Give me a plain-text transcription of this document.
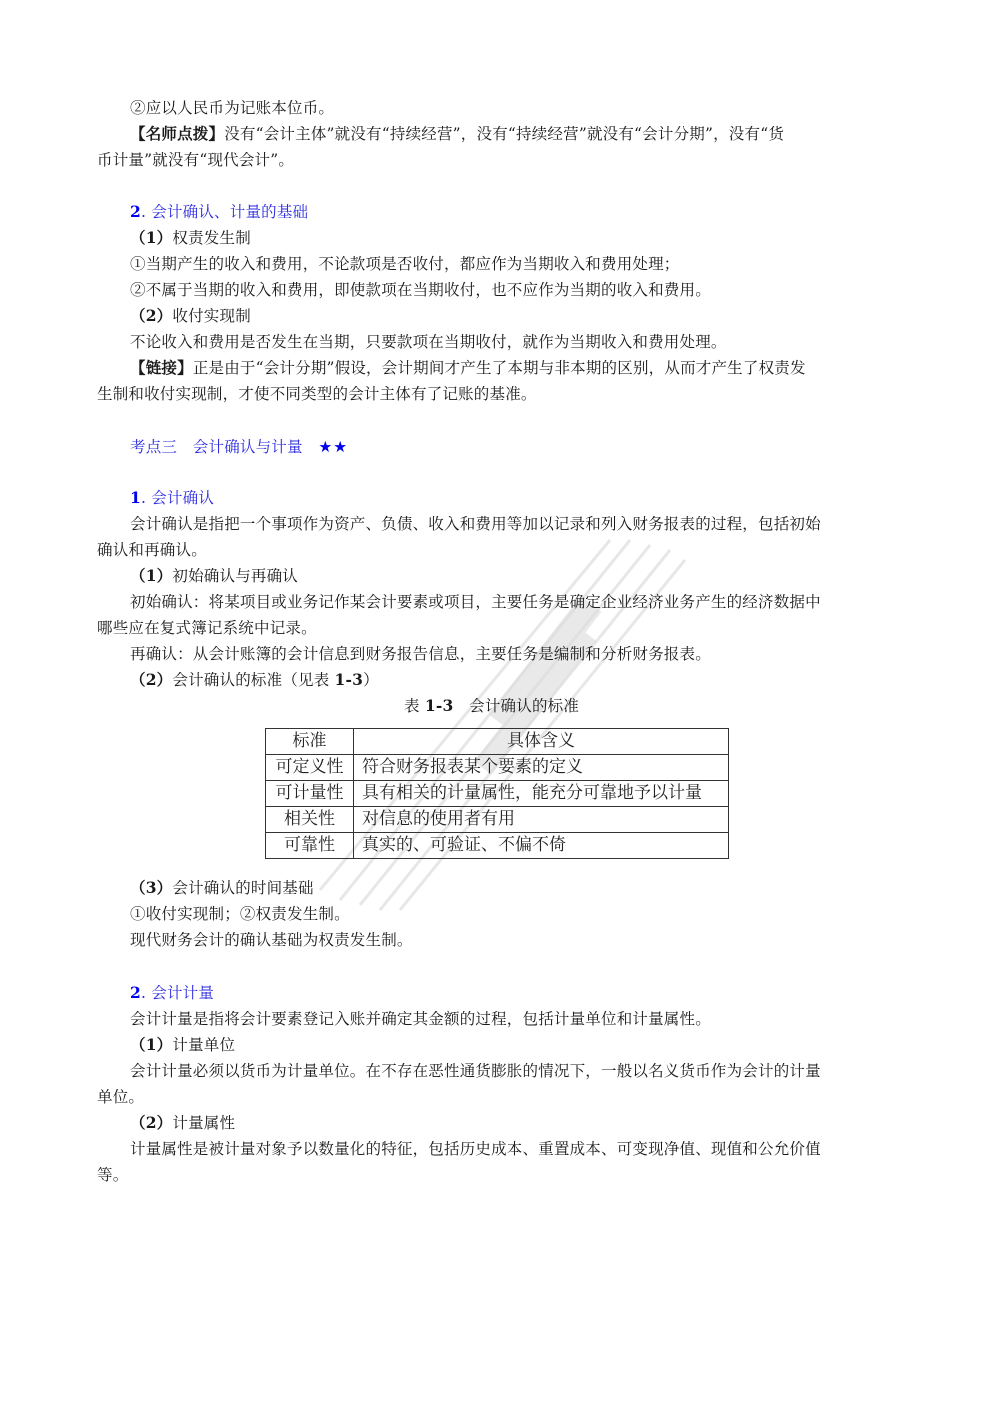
②应以人民币为记账本位币。
【名师点拨】没有“会计主体”就没有“持续经营”，没有“持续经营”就没有“会计分期”，没有“货
币计量”就没有“现代会计”。
2. 会计确认、计量的基础
（1）权责发生制
①当期产生的收入和费用，不论款项是否收付，都应作为当期收入和费用处理；
②不属于当期的收入和费用，即使款项在当期收付，也不应作为当期的收入和费用。
（2）收付实现制
不论收入和费用是否发生在当期，只要款项在当期收付，就作为当期收入和费用处理。
【链接】正是由于“会计分期”假设，会计期间才产生了本期与非本期的区别，从而才产生了权责发
生制和收付实现制，才使不同类型的会计主体有了记账的基准。
考点三　会计确认与计量　 ★★
1. 会计确认
会计确认是指把一个事项作为资产、负债、收入和费用等加以记录和列入财务报表的过程，包括初始
确认和再确认。
（1）初始确认与再确认
初始确认：将某项目或业务记作某会计要素或项目，主要任务是确定企业经济业务产生的经济数据中
哪些应在复式簿记系统中记录。
再确认：从会计账簿的会计信息到财务报告信息，主要任务是编制和分析财务报表。
（2）会计确认的标准（见表 1-3）
表 1-3　会计确认的标准
标准	具体含义
可定义性	符合财务报表某个要素的定义
可计量性	具有相关的计量属性，能充分可靠地予以计量
相关性	对信息的使用者有用
可靠性	真实的、可验证、不偏不倚
（3）会计确认的时间基础
①收付实现制；②权责发生制。
现代财务会计的确认基础为权责发生制。
2. 会计计量
会计计量是指将会计要素登记入账并确定其金额的过程，包括计量单位和计量属性。
（1）计量单位
会计计量必须以货币为计量单位。在不存在恶性通货膨胀的情况下，一般以名义货币作为会计的计量
单位。
（2）计量属性
计量属性是被计量对象予以数量化的特征，包括历史成本、重置成本、可变现净值、现值和公允价值
等。
